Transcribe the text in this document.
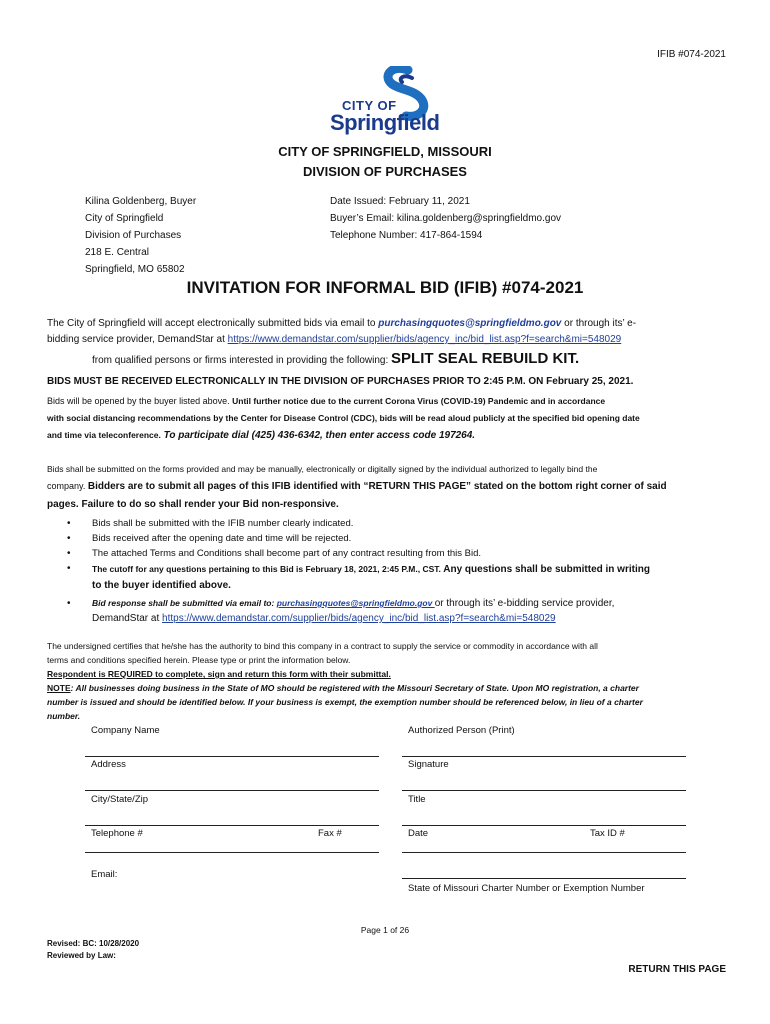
IFIB #074-2021
CITY OF
Springfield
CITY OF SPRINGFIELD, MISSOURI
DIVISION OF PURCHASES
Kilina Goldenberg, Buyer
City of Springfield
Division of Purchases
218 E. Central
Springfield, MO 65802
Date Issued: February 11, 2021
Buyer’s Email: kilina.goldenberg@springfieldmo.gov
Telephone Number: 417-864-1594
INVITATION FOR INFORMAL BID (IFIB) #074-2021
The City of Springfield will accept electronically submitted bids via email to purchasingquotes@springfieldmo.gov or through its’ e-
bidding service provider, DemandStar at https://www.demandstar.com/supplier/bids/agency_inc/bid_list.asp?f=search&mi=548029
from qualified persons or firms interested in providing the following: SPLIT SEAL REBUILD KIT.
BIDS MUST BE RECEIVED ELECTRONICALLY IN THE DIVISION OF PURCHASES PRIOR TO 2:45 P.M. ON February 25, 2021.
Bids will be opened by the buyer listed above. Until further notice due to the current Corona Virus (COVID-19) Pandemic and in accordance
with social distancing recommendations by the Center for Disease Control (CDC), bids will be read aloud publicly at the specified bid opening date
and time via teleconference. To participate dial (425) 436-6342, then enter access code 197264.
Bids shall be submitted on the forms provided and may be manually, electronically or digitally signed by the individual authorized to legally bind the
company. Bidders are to submit all pages of this IFIB identified with “RETURN THIS PAGE” stated on the bottom right corner of said
pages. Failure to do so shall render your Bid non-responsive.
• Bids shall be submitted with the IFIB number clearly indicated.
• Bids received after the opening date and time will be rejected.
• The attached Terms and Conditions shall become part of any contract resulting from this Bid.
• The cutoff for any questions pertaining to this Bid is February 18, 2021, 2:45 P.M., CST. Any questions shall be submitted in writing
to the buyer identified above.
• Bid response shall be submitted via email to: purchasingquotes@springfieldmo.gov or through its’ e-bidding service provider,
DemandStar at https://www.demandstar.com/supplier/bids/agency_inc/bid_list.asp?f=search&mi=548029
The undersigned certifies that he/she has the authority to bind this company in a contract to supply the service or commodity in accordance with all
terms and conditions specified herein. Please type or print the information below.
Respondent is REQUIRED to complete, sign and return this form with their submittal.
NOTE: All businesses doing business in the State of MO should be registered with the Missouri Secretary of State. Upon MO registration, a charter
number is issued and should be identified below. If your business is exempt, the exemption number should be referenced below, in lieu of a charter
number.
Company Name	Authorized Person (Print)
Address	Signature
City/State/Zip	Title
Telephone #	Fax #	Date	Tax ID #
Email:
State of Missouri Charter Number or Exemption Number
Page 1 of 26
Revised: BC: 10/28/2020
Reviewed by Law:
RETURN THIS PAGE
